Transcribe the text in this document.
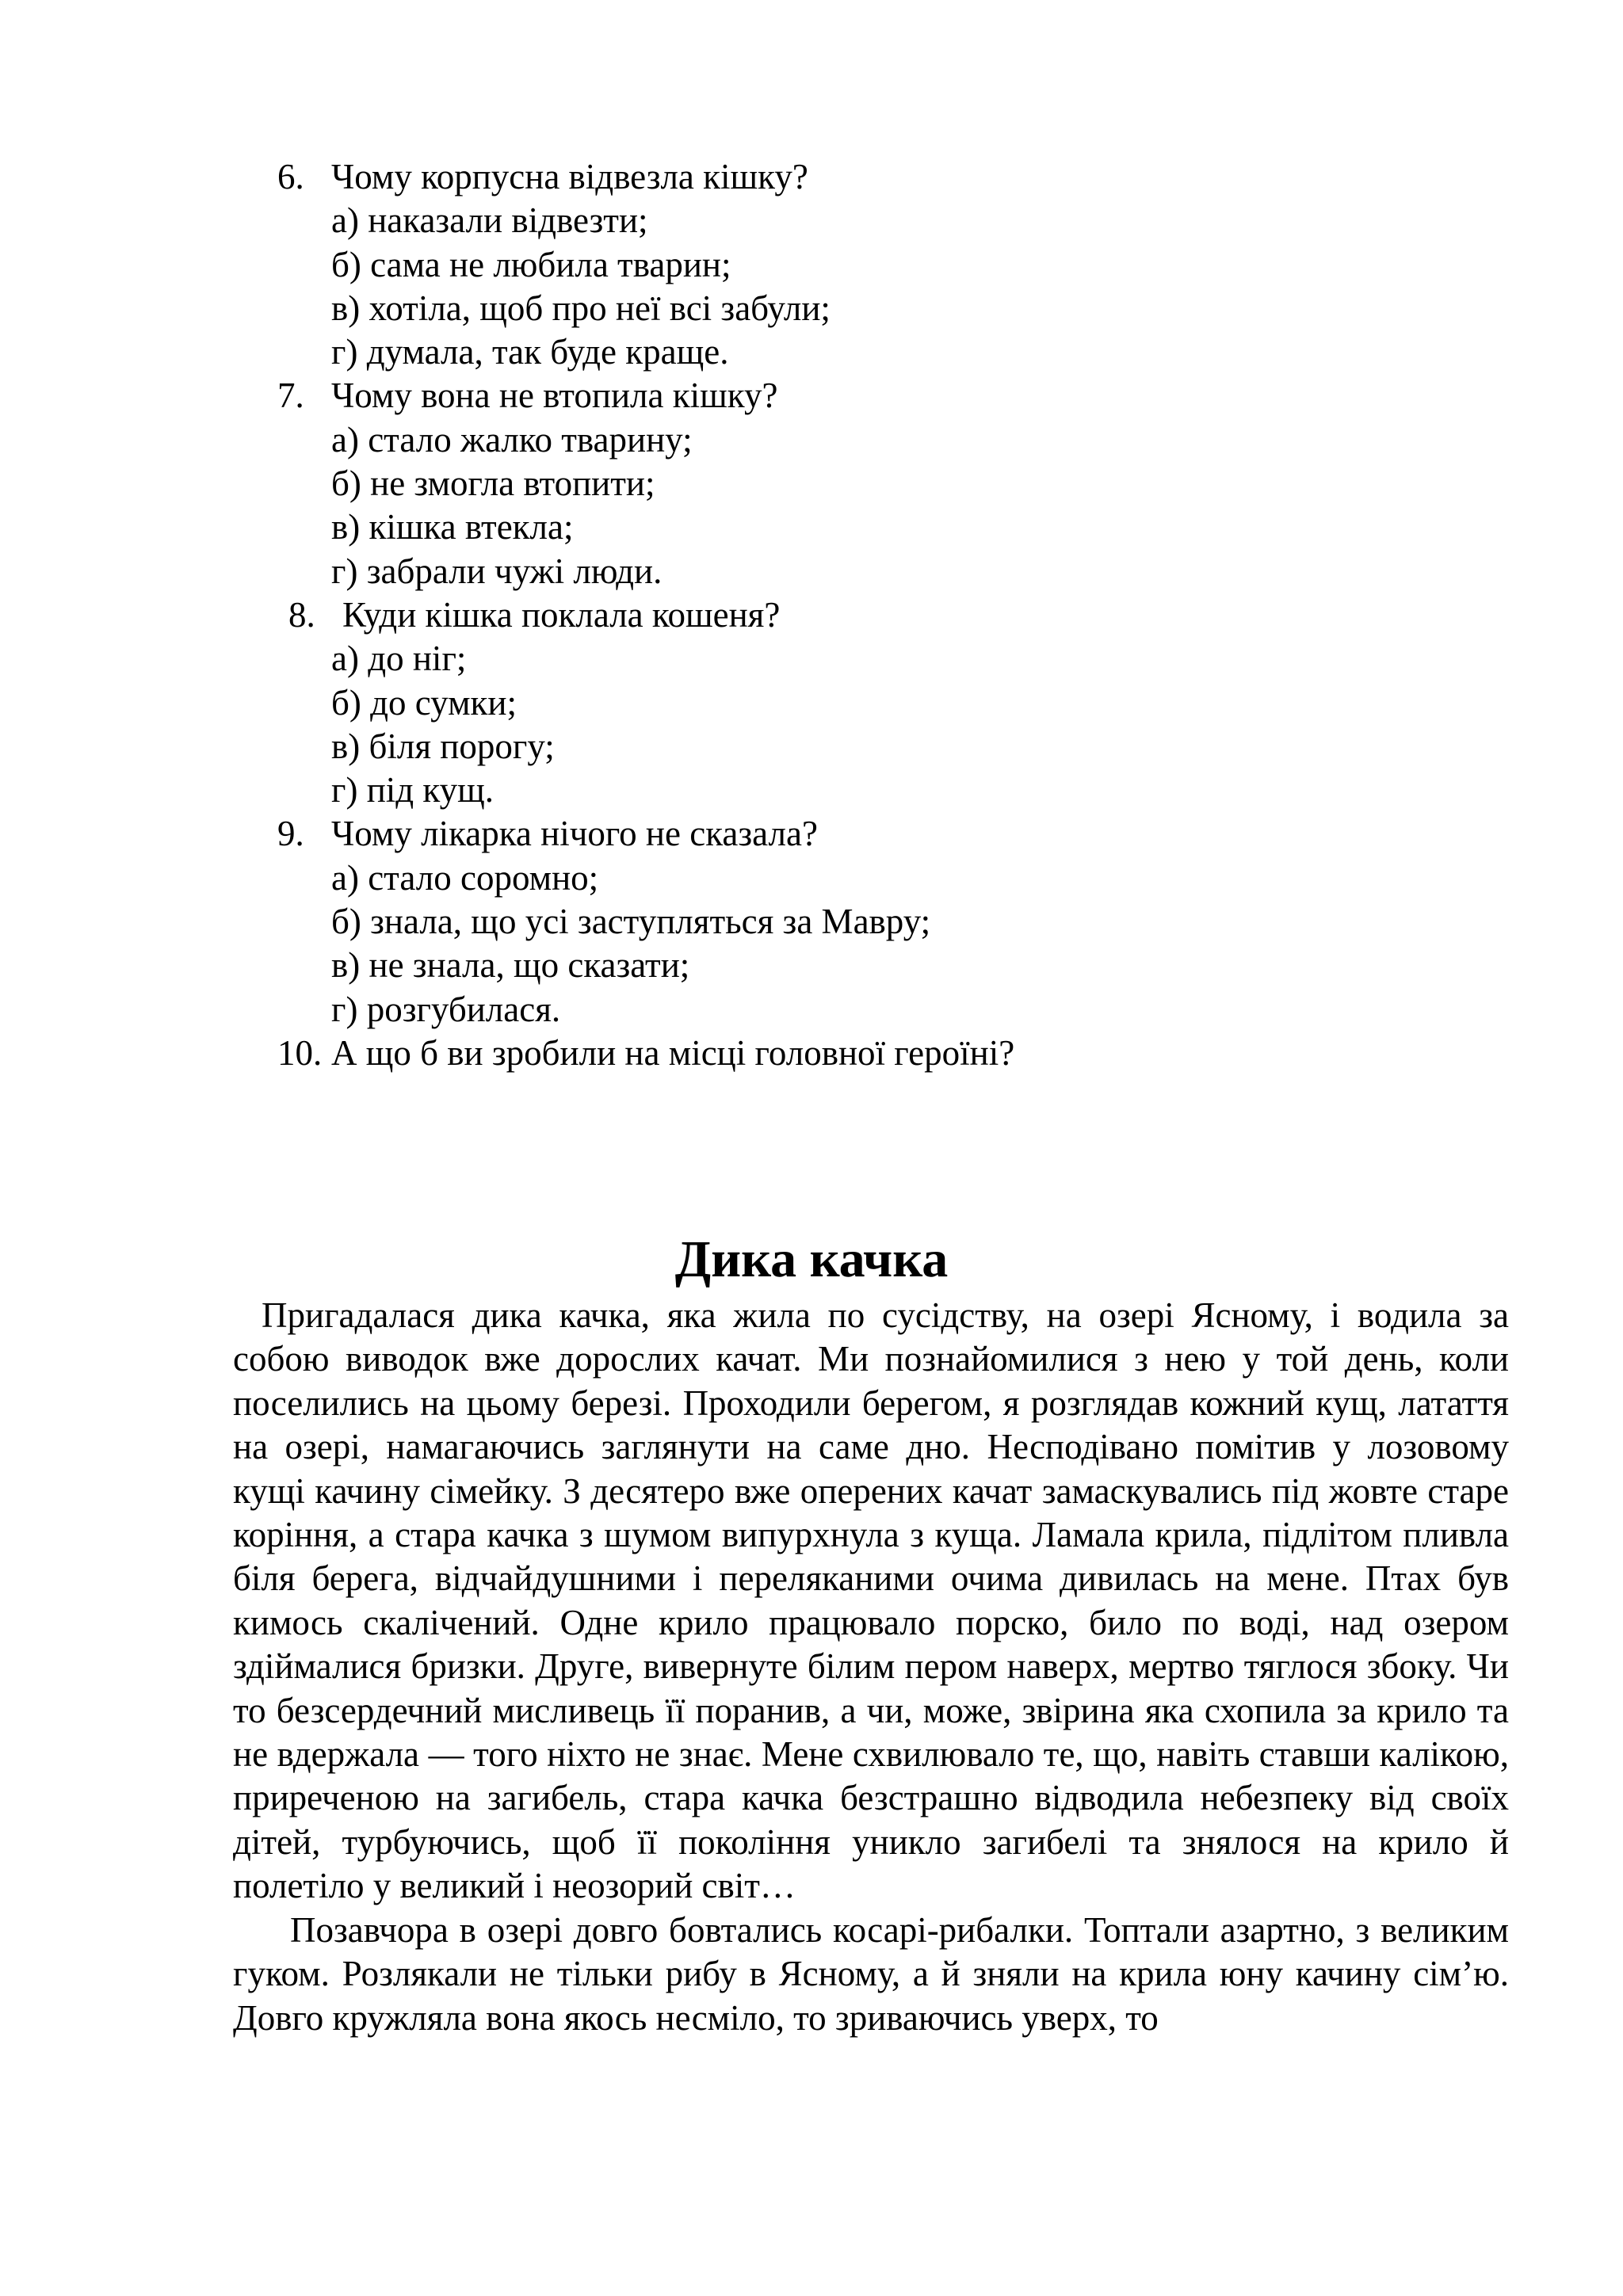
6. Чому корпусна відвезла кішку?
а) наказали відвезти;
б) сама не любила тварин;
в) хотіла, щоб про неї всі забули;
г) думала, так буде краще.
7. Чому вона не втопила кішку?
а) стало жалко тварину;
б) не змогла втопити;
в) кішка втекла;
г) забрали чужі люди.
8. Куди кішка поклала кошеня?
а) до ніг;
б) до сумки;
в) біля порогу;
г) під кущ.
9. Чому лікарка нічого не сказала?
а) стало соромно;
б) знала, що усі заступляться за Мавру;
в) не знала, що сказати;
г) розгубилася.
10. А що б ви зробили на місці головної героїні?
Дика качка

Пригадалася дика качка, яка жила по сусідству, на озері Ясному, і водила за собою виводок вже дорослих качат. Ми познайомилися з нею у той день, коли поселились на цьому березі. Проходили берегом, я розглядав кожний кущ, латаття на озері, намагаючись заглянути на саме дно. Несподівано помітив у лозовому кущі качину сімейку. З десятеро вже оперених качат замаскувались під жовте старе коріння, а стара качка з шумом випурхнула з куща. Ламала крила, підлітом пливла біля берега, відчайдушними і переляканими очима дивилась на мене. Птах був кимось скалічений. Одне крило працювало порско, било по воді, над озером здіймалися бризки. Друге, вивернуте білим пером наверх, мертво тяглося збоку. Чи то безсердечний мисливець її поранив, а чи, може, звірина яка схопила за крило та не вдержала — того ніхто не знає. Мене схвилювало те, що, навіть ставши калікою, приреченою на загибель, стара качка безстрашно відводила небезпеку від своїх дітей, турбуючись, щоб її покоління уникло загибелі та знялося на крило й полетіло у великий і неозорий світ…

Позавчора в озері довго бовтались косарі-рибалки. Топтали азартно, з великим гуком. Розлякали не тільки рибу в Ясному, а й зняли на крила юну качину сім’ю. Довго кружляла вона якось несміло, то зриваючись уверх, то
